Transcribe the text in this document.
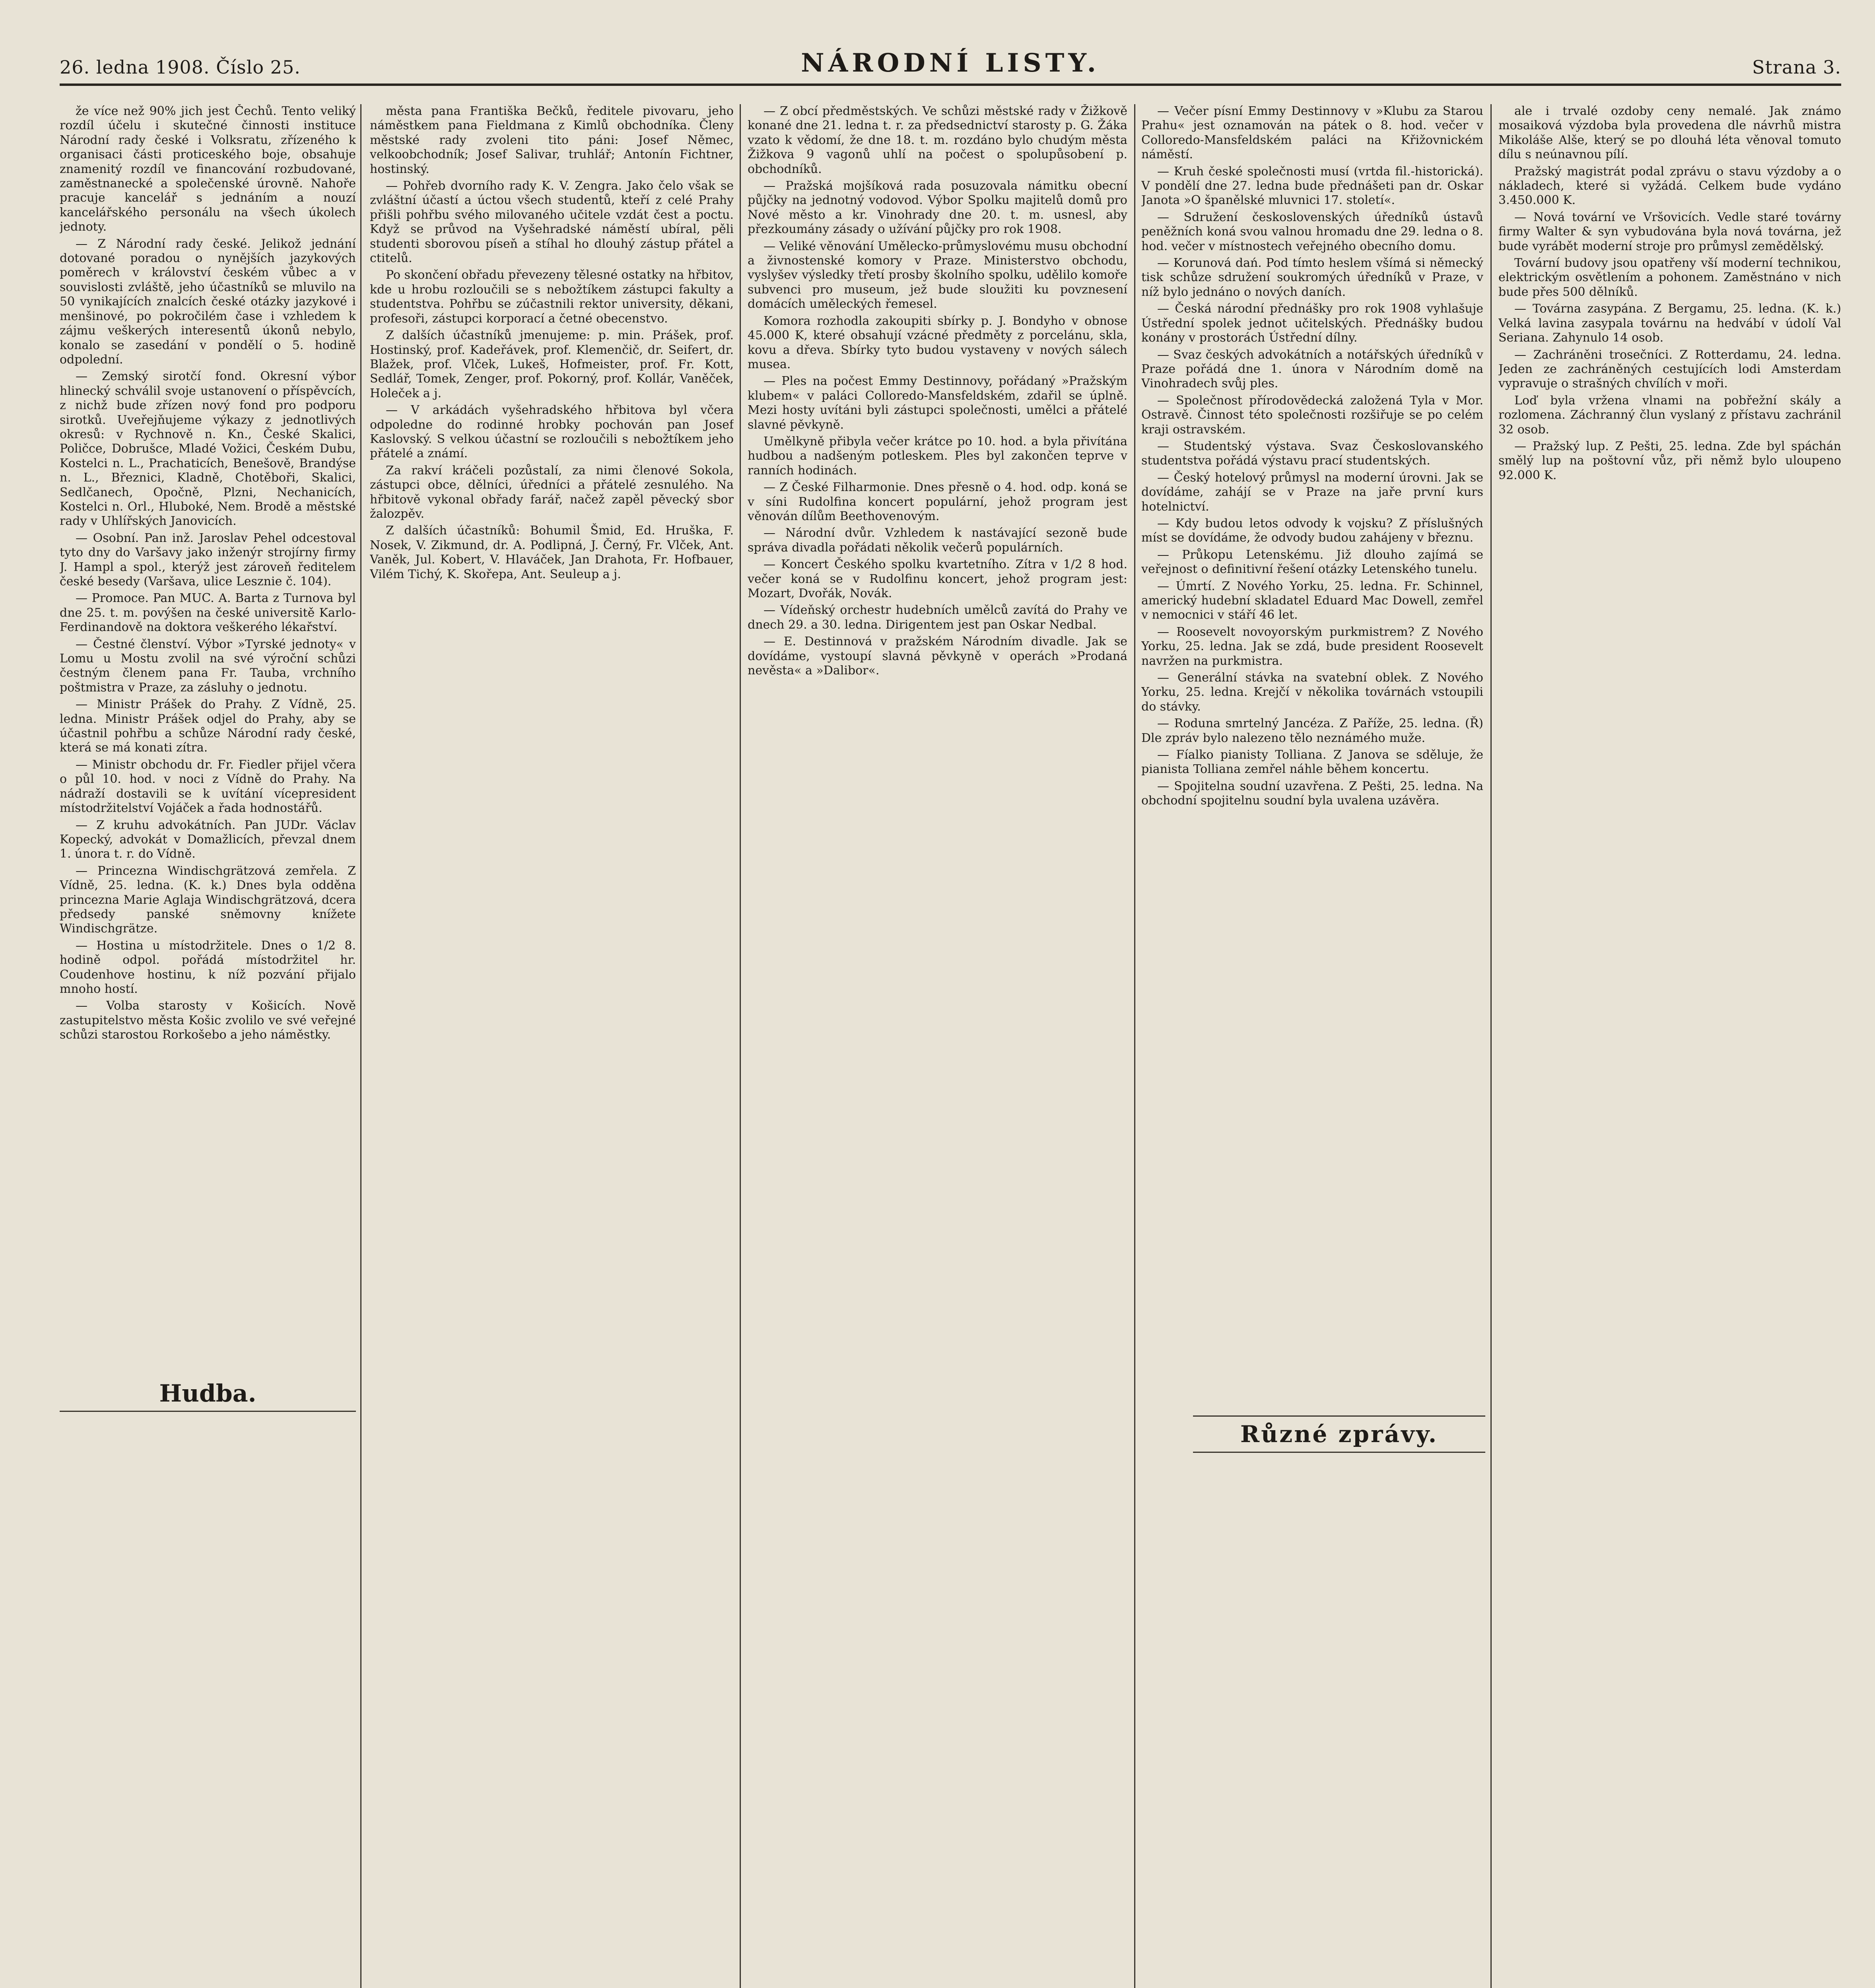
26. ledna 1908. Číslo 25.	NÁRODNÍ LISTY.	Strana 3.
Hudba.
Různé zprávy.

že více než 90% jich jest Čechů. Tento veliký rozdíl účelu i skutečné činnosti instituce Národní rady české i Volksratu, zřízeného k organisaci části proticeského boje, obsahuje znamenitý rozdíl ve financování rozbudované, zaměstnanecké a společenské úrovně. Nahoře pracuje kancelář s jednáním a nouzí kancelářského personálu na všech úkolech jednoty.

— Z Národní rady české. Jelikož jednání dotované poradou o nynějších jazykových poměrech v království českém vůbec a v souvislosti zvláště, jeho účastníků se mluvilo na 50 vynikajících znalcích české otázky jazykové i menšinové, po pokročilém čase i vzhledem k zájmu veškerých interesentů úkonů nebylo, konalo se zasedání v pondělí o 5. hodině odpolední.

— Zemský sirotčí fond. Okresní výbor hlinecký schválil svoje ustanovení o příspěvcích, z nichž bude zřízen nový fond pro podporu sirotků. Uveřejňujeme výkazy z jednotlivých okresů: v Rychnově n. Kn., České Skalici, Poličce, Dobrušce, Mladé Vožici, Českém Dubu, Kostelci n. L., Prachaticích, Benešově, Brandýse n. L., Březnici, Kladně, Chotěboři, Skalici, Sedlčanech, Opočně, Plzni, Nechanicích, Kostelci n. Orl., Hluboké, Nem. Brodě a městské rady v Uhlířských Janovicích.

— Osobní. Pan inž. Jaroslav Pehel odcestoval tyto dny do Varšavy jako inženýr strojírny firmy J. Hampl a spol., kterýž jest zároveň ředitelem české besedy (Varšava, ulice Lesznie č. 104).

— Promoce. Pan MUC. A. Barta z Turnova byl dne 25. t. m. povýšen na české universitě Karlo-Ferdinandově na doktora veškerého lékařství.

— Čestné členství. Výbor »Tyrské jednoty« v Lomu u Mostu zvolil na své výroční schůzi čestným členem pana Fr. Tauba, vrchního poštmistra v Praze, za zásluhy o jednotu.

— Ministr Prášek do Prahy. Z Vídně, 25. ledna. Ministr Prášek odjel do Prahy, aby se účastnil pohřbu a schůze Národní rady české, která se má konati zítra.

— Ministr obchodu dr. Fr. Fiedler přijel včera o půl 10. hod. v noci z Vídně do Prahy. Na nádraží dostavili se k uvítání vícepresident místodržitelství Vojáček a řada hodnostářů.

— Z kruhu advokátních. Pan JUDr. Václav Kopecký, advokát v Domažlicích, převzal dnem 1. února t. r. do Vídně.

— Princezna Windischgrätzová zemřela. Z Vídně, 25. ledna. (K. k.) Dnes byla odděna princezna Marie Aglaja Windischgrätzová, dcera předsedy panské sněmovny knížete Windischgrätze.

— Hostina u místodržitele. Dnes o 1/2 8. hodině odpol. pořádá místodržitel hr. Coudenhove hostinu, k níž pozvání přijalo mnoho hostí.

— Volba starosty v Košicích. Nově zastupitelstvo města Košic zvolilo ve své veřejné schůzi starostou Rorkošebo a jeho náměstky.

města pana Františka Bečků, ředitele pivovaru, jeho náměstkem pana Fieldmana z Kimlů obchodníka. Členy městské rady zvoleni tito páni: Josef Němec, velkoobchodník; Josef Salivar, truhlář; Antonín Fichtner, hostinský.

— Pohřeb dvorního rady K. V. Zengra. Jako čelo však se zvláštní účastí a úctou všech studentů, kteří z celé Prahy přišli pohřbu svého milovaného učitele vzdát čest a poctu. Když se průvod na Vyšehradské náměstí ubíral, pěli studenti sborovou píseň a stíhal ho dlouhý zástup přátel a ctitelů.

Po skončení obřadu převezeny tělesné ostatky na hřbitov, kde u hrobu rozloučili se s nebožtíkem zástupci fakulty a studentstva. Pohřbu se zúčastnili rektor university, děkani, profesoři, zástupci korporací a četné obecenstvo.

Z dalších účastníků jmenujeme: p. min. Prášek, prof. Hostinský, prof. Kadeřávek, prof. Klemenčič, dr. Seifert, dr. Blažek, prof. Vlček, Lukeš, Hofmeister, prof. Fr. Kott, Sedlář, Tomek, Zenger, prof. Pokorný, prof. Kollár, Vaněček, Holeček a j.

— V arkádách vyšehradského hřbitova byl včera odpoledne do rodinné hrobky pochován pan Josef Kaslovský. S velkou účastní se rozloučili s nebožtíkem jeho přátelé a známí.

Za rakví kráčeli pozůstalí, za nimi členové Sokola, zástupci obce, dělníci, úředníci a přátelé zesnulého. Na hřbitově vykonal obřady farář, načež zapěl pěvecký sbor žalozpěv.

Z dalších účastníků: Bohumil Šmid, Ed. Hruška, F. Nosek, V. Zikmund, dr. A. Podlipná, J. Černý, Fr. Vlček, Ant. Vaněk, Jul. Kobert, V. Hlaváček, Jan Drahota, Fr. Hofbauer, Vilém Tichý, K. Skořepa, Ant. Seuleup a j.

— Z obcí předměstských. Ve schůzi městské rady v Žižkově konané dne 21. ledna t. r. za předsednictví starosty p. G. Žáka vzato k vědomí, že dne 18. t. m. rozdáno bylo chudým města Žižkova 9 vagonů uhlí na počest o spolupůsobení p. obchodníků.

— Pražská mojšíková rada posuzovala námitku obecní půjčky na jednotný vodovod. Výbor Spolku majitelů domů pro Nové město a kr. Vinohrady dne 20. t. m. usnesl, aby přezkoumány zásady o užívání půjčky pro rok 1908.

— Veliké věnování Umělecko-průmyslovému musu obchodní a živnostenské komory v Praze. Ministerstvo obchodu, vyslyšev výsledky třetí prosby školního spolku, udělilo komoře subvenci pro museum, jež bude sloužiti ku povznesení domácích uměleckých řemesel.

Komora rozhodla zakoupiti sbírky p. J. Bondyho v obnose 45.000 K, které obsahují vzácné předměty z porcelánu, skla, kovu a dřeva. Sbírky tyto budou vystaveny v nových sálech musea.

— Ples na počest Emmy Destinnovy, pořádaný »Pražským klubem« v paláci Colloredo-Mansfeldském, zdařil se úplně. Mezi hosty uvítáni byli zástupci společnosti, umělci a přátelé slavné pěvkyně.

Umělkyně přibyla večer krátce po 10. hod. a byla přivítána hudbou a nadšeným potleskem. Ples byl zakončen teprve v ranních hodinách.

— Z České Filharmonie. Dnes přesně o 4. hod. odp. koná se v síni Rudolfina koncert populární, jehož program jest věnován dílům Beethovenovým.

— Národní dvůr. Vzhledem k nastávající sezoně bude správa divadla pořádati několik večerů populárních.

— Koncert Českého spolku kvartetního. Zítra v 1/2 8 hod. večer koná se v Rudolfinu koncert, jehož program jest: Mozart, Dvořák, Novák.

— Vídeňský orchestr hudebních umělců zavítá do Prahy ve dnech 29. a 30. ledna. Dirigentem jest pan Oskar Nedbal.

— E. Destinnová v pražském Národním divadle. Jak se dovídáme, vystoupí slavná pěvkyně v operách »Prodaná nevěsta« a »Dalibor«.

— Večer písní Emmy Destinnovy v »Klubu za Starou Prahu« jest oznamován na pátek o 8. hod. večer v Colloredo-Mansfeldském paláci na Křižovnickém náměstí.

— Kruh české společnosti musí (vrtda fil.-historická). V pondělí dne 27. ledna bude přednášeti pan dr. Oskar Janota »O španělské mluvnici 17. století«.

— Sdružení československých úředníků ústavů peněžních koná svou valnou hromadu dne 29. ledna o 8. hod. večer v místnostech veřejného obecního domu.

— Korunová dań. Pod tímto heslem všímá si německý tisk schůze sdružení soukromých úředníků v Praze, v níž bylo jednáno o nových daních.

— Česká národní přednášky pro rok 1908 vyhlašuje Ústřední spolek jednot učitelských. Přednášky budou konány v prostorách Ústřední dílny.

— Svaz českých advokátních a notářských úředníků v Praze pořádá dne 1. února v Národním domě na Vinohradech svůj ples.

— Společnost přírodovědecká založená Tyla v Mor. Ostravě. Činnost této společnosti rozšiřuje se po celém kraji ostravském.

— Studentský výstava. Svaz Českoslovanského studentstva pořádá výstavu prací studentských.

— Český hotelový průmysl na moderní úrovni. Jak se dovídáme, zahájí se v Praze na jaře první kurs hotelnictví.

— Kdy budou letos odvody k vojsku? Z příslušných míst se dovídáme, že odvody budou zahájeny v březnu.

— Průkopu Letenskému. Již dlouho zajímá se veřejnost o definitivní řešení otázky Letenského tunelu.

— Úmrtí. Z Nového Yorku, 25. ledna. Fr. Schinnel, americký hudební skladatel Eduard Mac Dowell, zemřel v nemocnici v stáří 46 let.

— Roosevelt novoyorským purkmistrem? Z Nového Yorku, 25. ledna. Jak se zdá, bude president Roosevelt navržen na purkmistra.

— Generální stávka na svatební oblek. Z Nového Yorku, 25. ledna. Krejčí v několika továrnách vstoupili do stávky.

— Roduna smrtelný Jancéza. Z Paříže, 25. ledna. (Ř) Dle zpráv bylo nalezeno tělo neznámého muže.

— Fíalko pianisty Tolliana. Z Janova se sděluje, že pianista Tolliana zemřel náhle během koncertu.

— Spojitelna soudní uzavřena. Z Pešti, 25. ledna. Na obchodní spojitelnu soudní byla uvalena uzávěra.

ale i trvalé ozdoby ceny nemalé. Jak známo mosaiková výzdoba byla provedena dle návrhů mistra Mikoláše Alše, který se po dlouhá léta věnoval tomuto dílu s neúnavnou pílí.

Pražský magistrát podal zprávu o stavu výzdoby a o nákladech, které si vyžádá. Celkem bude vydáno 3.450.000 K.

— Nová tovární ve Vršovicích. Vedle staré továrny firmy Walter & syn vybudována byla nová továrna, jež bude vyrábět moderní stroje pro průmysl zemědělský.

Tovární budovy jsou opatřeny vší moderní technikou, elektrickým osvětlením a pohonem. Zaměstnáno v nich bude přes 500 dělníků.

— Továrna zasypána. Z Bergamu, 25. ledna. (K. k.) Velká lavina zasypala továrnu na hedvábí v údolí Val Seriana. Zahynulo 14 osob.

— Zachráněni trosečníci. Z Rotterdamu, 24. ledna. Jeden ze zachráněných cestujících lodi Amsterdam vypravuje o strašných chvílích v moři.

Loď byla vržena vlnami na pobřežní skály a rozlomena. Záchranný člun vyslaný z přístavu zachránil 32 osob.

— Pražský lup. Z Pešti, 25. ledna. Zde byl spáchán smělý lup na poštovní vůz, při němž bylo uloupeno 92.000 K.
